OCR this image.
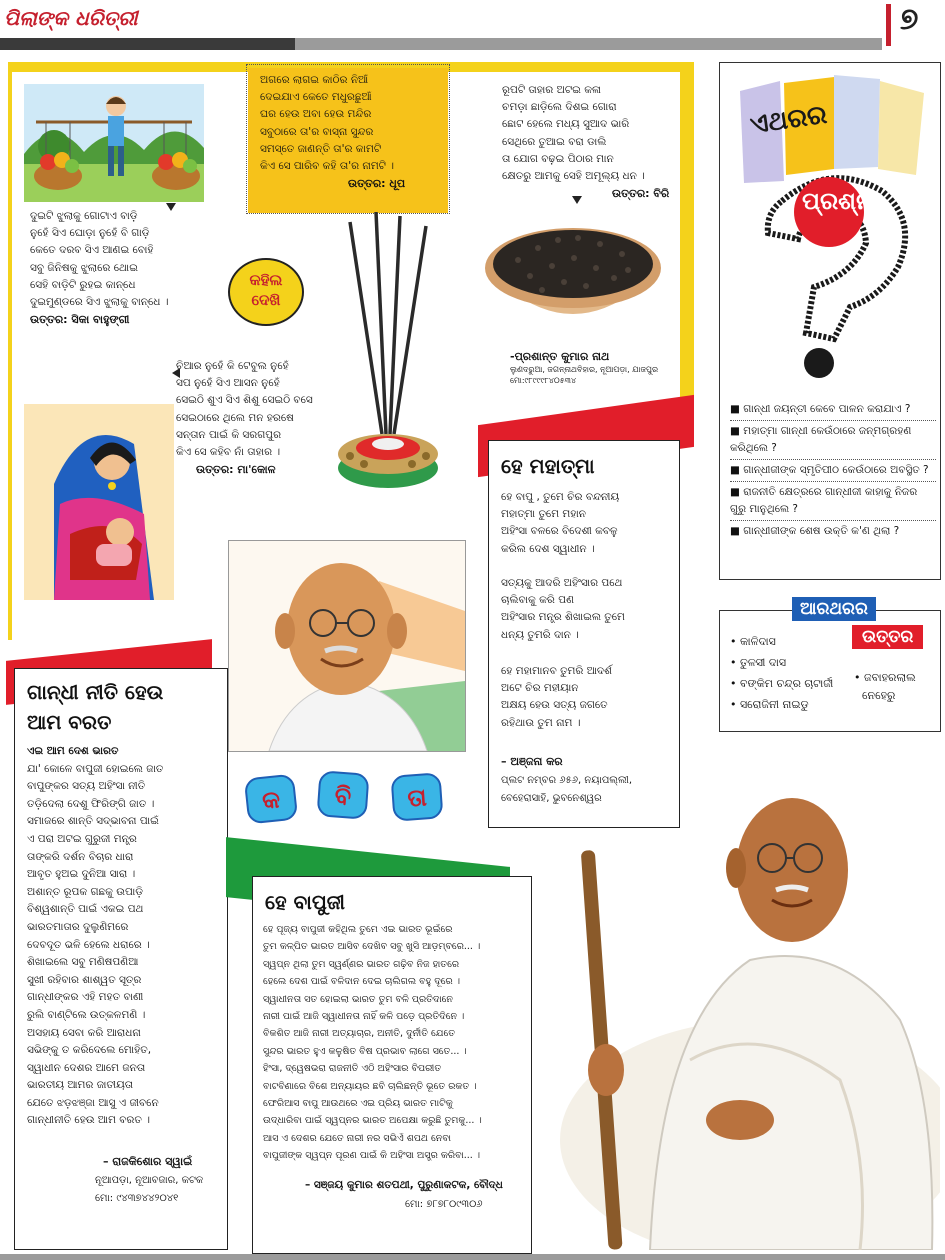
ପିଲାଙ୍କ ଧରିତ୍ରୀ	୭
ଦୁଇଟି ଝୁଲାକୁ ଗୋଟାଏ ବାଡ଼ି
ନୁହେଁ ସିଏ ଘୋଡ଼ା ନୁହେଁ ବି ଗାଡ଼ି
କେତେ ଦରବ ସିଏ ଆଣଇ ବୋହି
ସବୁ ଜିନିଷକୁ ଝୁଲାରେ ଥୋଇ
ସେହି ବାଡ଼ିଟି ରୁହଇ କାନ୍ଧେ
ଦୁଇମୁଣ୍ଡରେ ସିଏ ଝୁଲାକୁ ବାନ୍ଧେ ।
ଉତ୍ତର: ସିକା ବାହୁଙ୍ଗୀ
ଅଗରେ ଲାଗଇ କାଠିର ନିଆଁ
ଦେଇଯାଏ କେତେ ମଧୁରଛୁଆଁ
ଘର ହେଉ ଅବା ହେଉ ମନ୍ଦିର
ସବୁଠାରେ ତା'ର ବାସ୍ନା ସୁନ୍ଦର
ସମସ୍ତେ ଜାଣନ୍ତି ତା'ର କାମଟି
କିଏ ସେ ପାରିବ କହି ତା'ର ନାମଟି ।
ଉତ୍ତର: ଧୂପ
କହିଲ
ଦେଖି
ରୂପଟି ତାହାର ଅଟଇ କଳା
ଚମଡ଼ା ଛାଡ଼ିଲେ ଦିଶଇ ଗୋରା
ଛୋଟ ହେଲେ ମଧ୍ୟ ସୁଆଦ ଭାରି
ସେଥିରେ ତୁଆଇ ବରା ଡାଲି
ତା ଯୋଗ ବଢ଼ଇ ପିଠାର ମାନ
କ୍ଷେତରୁ ଆମକୁ ସେହି ଅମୂଲ୍ୟ ଧନ ।
ଉତ୍ତର: ବିରି
-ପ୍ରଶାନ୍ତ କୁମାର ନାଥ
ଲୁଣଦରୁଆ, ଜଗନ୍ନାଥବିହାର, ନୂଆପଡ଼ା, ଯାଜପୁର
ମୋ:୯୮୯୯୯୮୪୦୫୩୪
ଚିଆର ନୁହେଁ କି ଟେବୁଲ ନୁହେଁ
ସପ ନୁହେଁ ସିଏ ଆସନ ନୁହେଁ
ସେଇଠି ଶୁଏ ସିଏ ଶିଶୁ ସେଇଠି ବସେ
ସେଇଠାରେ ଥିଲେ ମନ ହରଷେ
ସନ୍ତାନ ପାଇଁ କି ସରଗପୁର
କିଏ ସେ କହିବ ନାଁ ତାହାର ।
ଉତ୍ତର: ମା'କୋଳ
ଏଥରର
ପ୍ରଶ୍ନ
■ ଗାନ୍ଧୀ ଜୟନ୍ତୀ କେବେ ପାଳନ କରାଯାଏ ?
■ ମହାତ୍ମା ଗାନ୍ଧୀ କେଉଁଠାରେ ଜନ୍ମଗ୍ରହଣ କରିଥିଲେ ?
■ ଗାନ୍ଧୀଜୀଙ୍କ ସ୍ମୃତିପୀଠ କେଉଁଠାରେ ଅବସ୍ଥିତ ?
■ ରାଜନୀତି କ୍ଷେତ୍ରରେ ଗାନ୍ଧୀଜୀ କାହାକୁ ନିଜର ଗୁରୁ ମାନୁଥିଲେ ?
■ ଗାନ୍ଧୀଜୀଙ୍କ ଶେଷ ଉକ୍ତି କ'ଣ ଥିଲା ?
ଆରଥରର
ଉତ୍ତର
• କାଳିଦାସ
• ତୁଳସୀ ଦାସ
• ବଙ୍କିମ ଚନ୍ଦ୍ର ଚାଟାର୍ଜୀ
• ସରୋଜିନୀ ନାଇଡୁ
• ଜବାହରଲାଲ
ନେହେରୁ
ହେ ମହାତ୍ମା
ହେ ବାପୁ , ତୁମେ ଚିର ବନ୍ଦନୀୟ
ମହାତ୍ମା ତୁମେ ମହାନ
ଅହିଂସା ବଳରେ ବିଦେଶୀ କବଳୁ
କରିଲ ଦେଶ ସ୍ୱାଧୀନ ।
ସତ୍ୟକୁ ଆଦରି ଅହିଂସାର ପଥେ
ଚାଲିବାକୁ କରି ପଣ
ଅହିଂସାର ମନ୍ତ୍ର ଶିଖାଇଲ ତୁମେ
ଧନ୍ୟ ତୁମରି ଦାନ ।
ହେ ମହାମାନବ ତୁମରି ଆଦର୍ଶ
ଅଟେ ଚିର ମହୀୟାନ
ଅକ୍ଷୟ ହେଉ ସତ୍ୟ ଜଗତେ
ରହିଥାଉ ତୁମ ନାମ ।
– ଅଞ୍ଜନା କର
ପ୍ଲଟ ନମ୍ବର ୬୫୬, ନୟାପଲ୍ଲୀ,
ବେହେରାସାହି, ଭୁବନେଶ୍ୱର
କ	ବି	ତା
ଗାନ୍ଧୀ ନୀତି ହେଉ
ଆମ ବରତ
ଏଇ ଆମ ଦେଶ ଭାରତ
ଯା' କୋଳେ ବାପୁଜୀ ହୋଇଲେ ଜାତ
ବାପୁଙ୍କର ସତ୍ୟ ଅହିଂସା ନୀତି
ତଡ଼ିଦେଲା ଦେଶୁ ଫିରିଙ୍ଗି ଜାତ ।
ସମାଜରେ ଶାନ୍ତି ସଦ୍ଭାବନା ପାଇଁ
ଏ ପରା ଅଟଇ ଗୁରୁଜୀ ମନ୍ତ୍ର
ତାଙ୍କରି ଦର୍ଶନ ବିଚାର ଧାରା
ଆବୃତ ହୁଅଇ ଦୁନିଆ ସାରା ।
ଅଶାନ୍ତ ରୂପକ ଗଛକୁ ଉପାଡ଼ି
ବିଶ୍ୱଶାନ୍ତି ପାଇଁ ଏକଇ ପଥ
ଭାରତମାତାର ଦୁଲୁଣିମରେ
ଦେବଦୂତ ଭଳି ହେଲେ ଧରାରେ ।
ଶିଖାଇଲେ ସବୁ ମଣିଷପଣିଆ
ସୁଖୀ ରହିବାର ଶାଶ୍ୱତ ସୂତ୍ର
ଗାନ୍ଧୀଙ୍କର ଏହି ମହତ ବାଣୀ
ରୁଲି ବାଣ୍ଟିଲେ ଉତ୍କଳମଣି ।
ଅସହାୟ ସେବା କରି ଆରାଧନା
ସଭିଙ୍କୁ ତ କରିଦେଲେ ମୋହିତ,
ସ୍ୱାଧୀନ ଦେଶର ଆମେ ଜନତା
ଭାରତୀୟ ଆମର ଜାତୀୟତା
ଯେତେ ଝଡ଼ଝଞ୍ଜା ଆସୁ ଏ ଜୀବନେ
ଗାନ୍ଧୀନୀତି ହେଉ ଆମ ବରତ ।
– ରାଜକିଶୋର ସ୍ୱାଇଁ
ନୂଆପଡ଼ା, ନୂଆବଜାର, କଟକ
ମୋ: ୯୪୩୭୪୪୨୦୪୧
ହେ ବାପୁଜୀ
ହେ ପୂଜ୍ୟ ବାପୁଜୀ କହିଥିଲ ତୁମେ ଏଇ ଭାରତ ଭୂଇଁରେ
ତୁମ କଳ୍ପିତ ଭାରତ ଆସିବ ଦେଖିବ ସବୁ ଖୁସି ଆଡ଼ମ୍ବରେ... ।
ସ୍ୱପ୍ନ ଥିଲା ତୁମ ସ୍ୱର୍ଣ୍ଣର ଭାରତ ଗଢ଼ିବ ନିଜ ହାତରେ
ହେଲେ ଦେଶ ପାଇଁ ବଳିଦାନ ଦେଇ ଚାଲିଗଲ ବହୁ ଦୂରେ ।
ସ୍ୱାଧୀନତା ସତ ହୋଇଲା ଭାରତ ତୁମ ବଳି ପ୍ରତିଦାନେ
ନାରୀ ପାଇଁ ଆଜି ସ୍ୱାଧୀନତା ନାହିଁ କଳି ପଡ଼େ ପ୍ରତିଦିନେ ।
ବିକଶିତ ଆଜି ନାରୀ ଅତ୍ୟାଚାର, ଅନୀତି, ଦୁର୍ନୀତି ଯେତେ
ସୁନ୍ଦର ଭାରତ ହୁଏ କଳୁଷିତ ବିଷ ପ୍ରଭାବ ଲାଗେ ସତେ... ।
ହିଂସା, ଦ୍ୱେଷଭରା ରାଜନୀତି ଏଠି ଅହିଂସାର ବିପରୀତ
ବାଟବିଣାରେ ବିଶେ ଅନ୍ୟାୟର ଛବି ଚାଲିଛନ୍ତି ଭୂତେ ରକତ ।
ଫେରିଆସ ବାପୁ ଆଉଥରେ ଏଇ ପ୍ରିୟ ଭାରତ ମାଟିକୁ
ଉଦ୍ଧାରିବା ପାଇଁ ସ୍ୱପ୍ନର ଭାରତ ଅପେକ୍ଷା କରୁଛି ତୁମକୁ... ।
ଆସ ଏ ଦେଶର ଯେତେ ନାରୀ ନର ସଭିଏଁ ଶପଥ ନେବା
ବାପୁଜୀଙ୍କ ସ୍ୱପ୍ନ ପୂରଣ ପାଇଁ କି ଅହିଂସା ଅସ୍ତ୍ର କରିବା... ।
– ସଞ୍ଜୟ କୁମାର ଶତପଥୀ, ପୁରୁଣାକଟକ, ବୌଦ୍ଧ
ମୋ: ୭୮୭୮୦୯୩୦୬
